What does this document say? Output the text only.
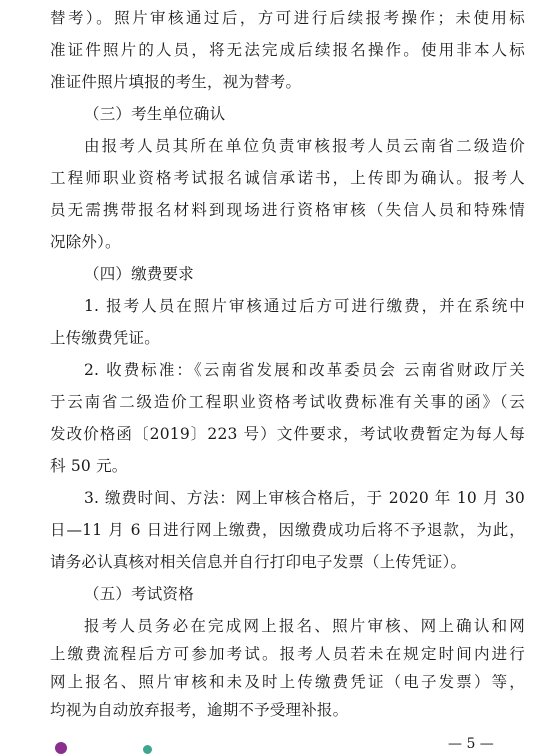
替考）。照片审核通过后，方可进行后续报考操作；未使用标
准证件照片的人员，将无法完成后续报名操作。使用非本人标
准证件照片填报的考生，视为替考。
（三）考生单位确认
由报考人员其所在单位负责审核报考人员云南省二级造价
工程师职业资格考试报名诚信承诺书，上传即为确认。报考人
员无需携带报名材料到现场进行资格审核（失信人员和特殊情
况除外）。
（四）缴费要求
1. 报考人员在照片审核通过后方可进行缴费，并在系统中
上传缴费凭证。
2. 收费标准：《云南省发展和改革委员会 云南省财政厅关
于云南省二级造价工程职业资格考试收费标准有关事的函》（云
发改价格函〔2019〕223 号）文件要求，考试收费暂定为每人每
科 50 元。
3. 缴费时间、方法：网上审核合格后，于 2020 年 10 月 30
日—11 月 6 日进行网上缴费，因缴费成功后将不予退款，为此，
请务必认真核对相关信息并自行打印电子发票（上传凭证）。
（五）考试资格
报考人员务必在完成网上报名、照片审核、网上确认和网
上缴费流程后方可参加考试。报考人员若未在规定时间内进行
网上报名、照片审核和未及时上传缴费凭证（电子发票）等，
— 5 —
均视为自动放弃报考，逾期不予受理补报。
